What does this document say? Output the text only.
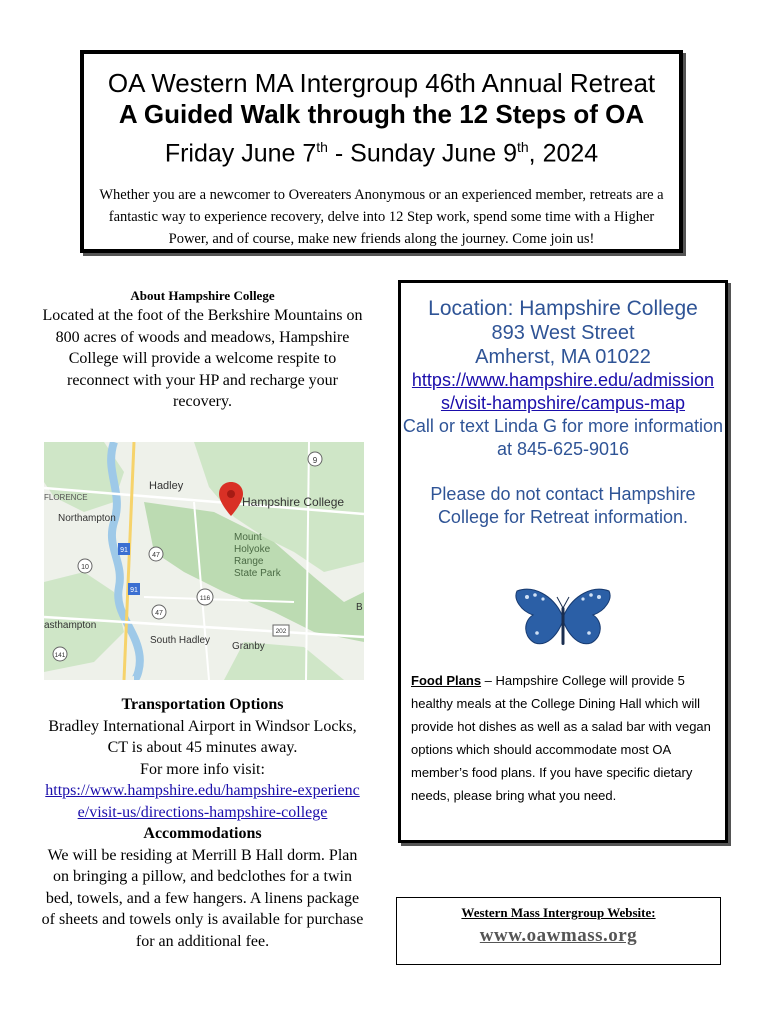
OA Western MA Intergroup 46th Annual Retreat
A Guided Walk through the 12 Steps of OA
Friday June 7th - Sunday June 9th, 2024
Whether you are a newcomer to Overeaters Anonymous or an experienced member, retreats are a fantastic way to experience recovery, delve into 12 Step work, spend some time with a Higher Power, and of course, make new friends along the journey. Come join us!
About Hampshire College
Located at the foot of the Berkshire Mountains on 800 acres of woods and meadows, Hampshire College will provide a welcome respite to reconnect with your HP and recharge your recovery.
9
91
47
10
91
116
47
202
141
Hadley
FLORENCE
Northampton
Hampshire College
Mount
Holyoke
Range
State Park
asthampton
South Hadley
Granby
B
Transportation Options
Bradley International Airport in Windsor Locks, CT is about 45 minutes away.
For more info visit:
https://www.hampshire.edu/hampshire-experience/visit-us/directions-hampshire-college
Accommodations
We will be residing at Merrill B Hall dorm. Plan on bringing a pillow, and bedclothes for a twin bed, towels, and a few hangers. A linens package of sheets and towels only is available for purchase for an additional fee.
Location: Hampshire College
893 West Street
Amherst, MA 01022
https://www.hampshire.edu/admissions/visit-hampshire/campus-map
Call or text Linda G for more information at 845-625-9016
Please do not contact Hampshire College for Retreat information.
Food Plans – Hampshire College will provide 5 healthy meals at the College Dining Hall which will provide hot dishes as well as a salad bar with vegan options which should accommodate most OA member’s food plans. If you have specific dietary needs, please bring what you need.
Western Mass Intergroup Website:
www.oawmass.org
